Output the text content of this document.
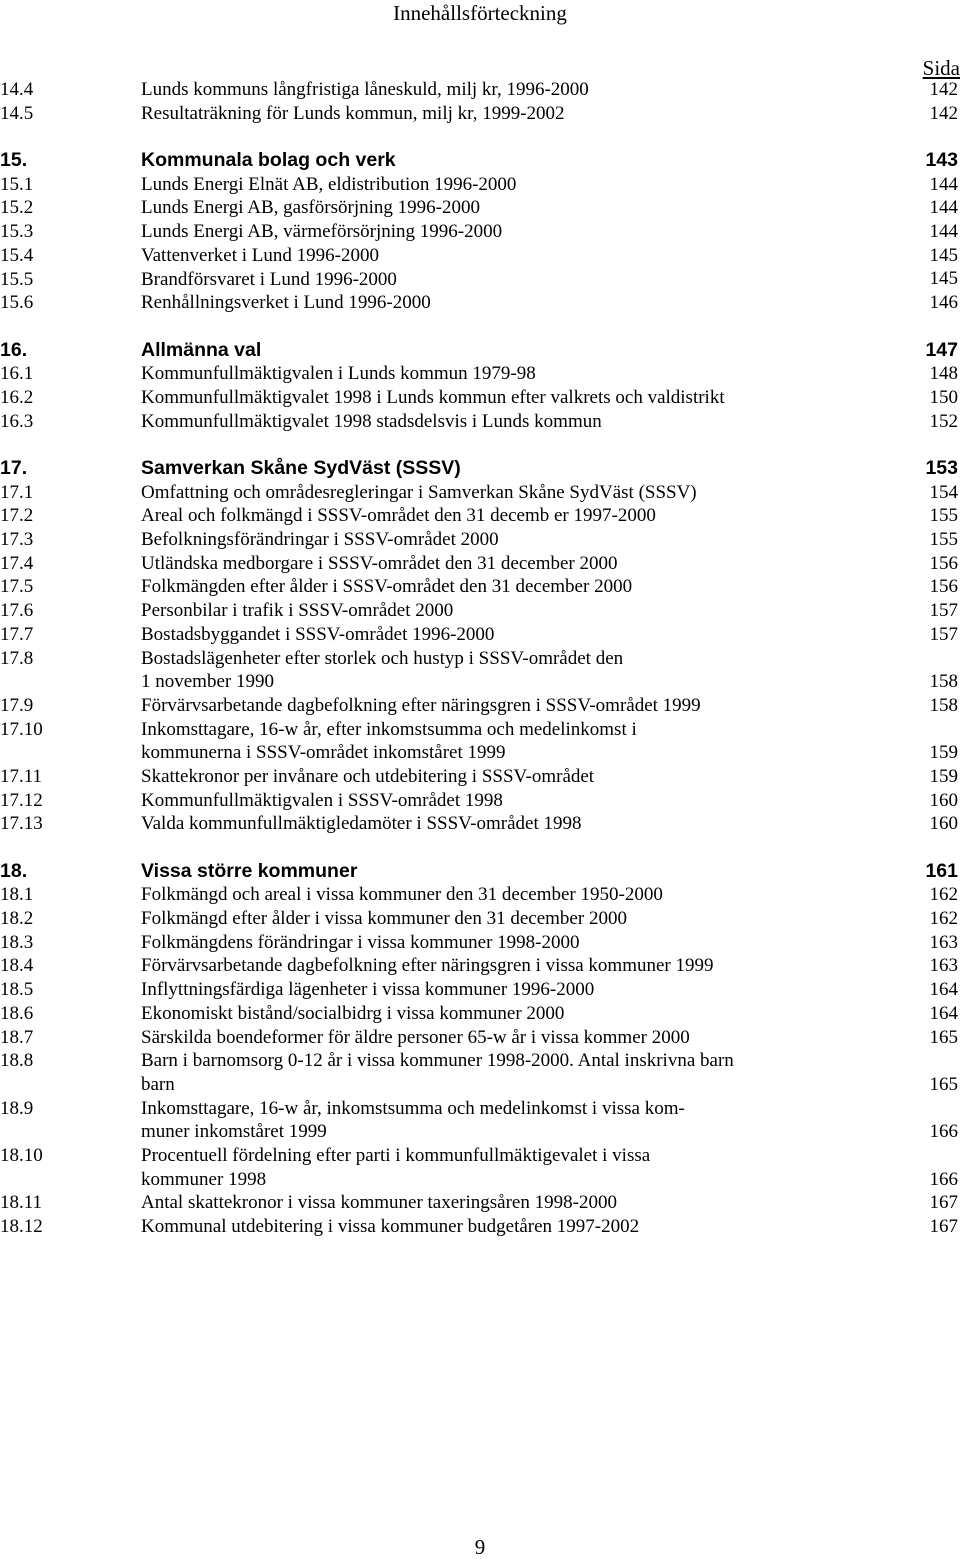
Innehållsförteckning
Sida
14.4	Lunds kommuns långfristiga låneskuld, milj kr, 1996-2000	142
14.5	Resultaträkning för Lunds kommun, milj kr, 1999-2002	142
15.	Kommunala bolag och verk	143
15.1	Lunds Energi Elnät AB, eldistribution 1996-2000	144
15.2	Lunds Energi AB, gasförsörjning 1996-2000	144
15.3	Lunds Energi AB, värmeförsörjning 1996-2000	144
15.4	Vattenverket i Lund 1996-2000	145
15.5	Brandförsvaret i Lund 1996-2000	145
15.6	Renhållningsverket i Lund 1996-2000	146
16.	Allmänna val	147
16.1	Kommunfullmäktigvalen i Lunds kommun 1979-98	148
16.2	Kommunfullmäktigvalet 1998 i Lunds kommun efter valkrets och valdistrikt	150
16.3	Kommunfullmäktigvalet 1998 stadsdelsvis i Lunds kommun	152
17.	Samverkan Skåne SydVäst (SSSV)	153
17.1	Omfattning och områdesregleringar i Samverkan Skåne SydVäst (SSSV)	154
17.2	Areal och folkmängd i SSSV-området den 31 decemb er 1997-2000	155
17.3	Befolkningsförändringar i SSSV-området 2000	155
17.4	Utländska medborgare i SSSV-området den 31 december 2000	156
17.5	Folkmängden efter ålder i SSSV-området den 31 december 2000	156
17.6	Personbilar i trafik i SSSV-området 2000	157
17.7	Bostadsbyggandet i SSSV-området 1996-2000	157
17.8	Bostadslägenheter efter storlek och hustyp i SSSV-området den
1 november 1990	158
17.9	Förvärvsarbetande dagbefolkning efter näringsgren i SSSV-området 1999	158
17.10	Inkomsttagare, 16-w år, efter inkomstsumma och medelinkomst i
kommunerna i SSSV-området inkomståret 1999	159
17.11	Skattekronor per invånare och utdebitering i SSSV-området	159
17.12	Kommunfullmäktigvalen i SSSV-området 1998	160
17.13	Valda kommunfullmäktigledamöter i SSSV-området 1998	160
18.	Vissa större kommuner	161
18.1	Folkmängd och areal i vissa kommuner den 31 december 1950-2000	162
18.2	Folkmängd efter ålder i vissa kommuner den 31 december 2000	162
18.3	Folkmängdens förändringar i vissa kommuner 1998-2000	163
18.4	Förvärvsarbetande dagbefolkning efter näringsgren i vissa kommuner 1999	163
18.5	Inflyttningsfärdiga lägenheter i vissa kommuner 1996-2000	164
18.6	Ekonomiskt bistånd/socialbidrg i vissa kommuner 2000	164
18.7	Särskilda boendeformer för äldre personer 65-w år i vissa kommer 2000	165
18.8	Barn i barnomsorg 0-12 år i vissa kommuner 1998-2000. Antal inskrivna barn
barn	165
18.9	Inkomsttagare, 16-w år, inkomstsumma och medelinkomst i vissa kom-
muner inkomståret 1999	166
18.10	Procentuell fördelning efter parti i kommunfullmäktigevalet i vissa
kommuner 1998	166
18.11	Antal skattekronor i vissa kommuner taxeringsåren 1998-2000	167
18.12	Kommunal utdebitering i vissa kommuner budgetåren 1997-2002	167
9
